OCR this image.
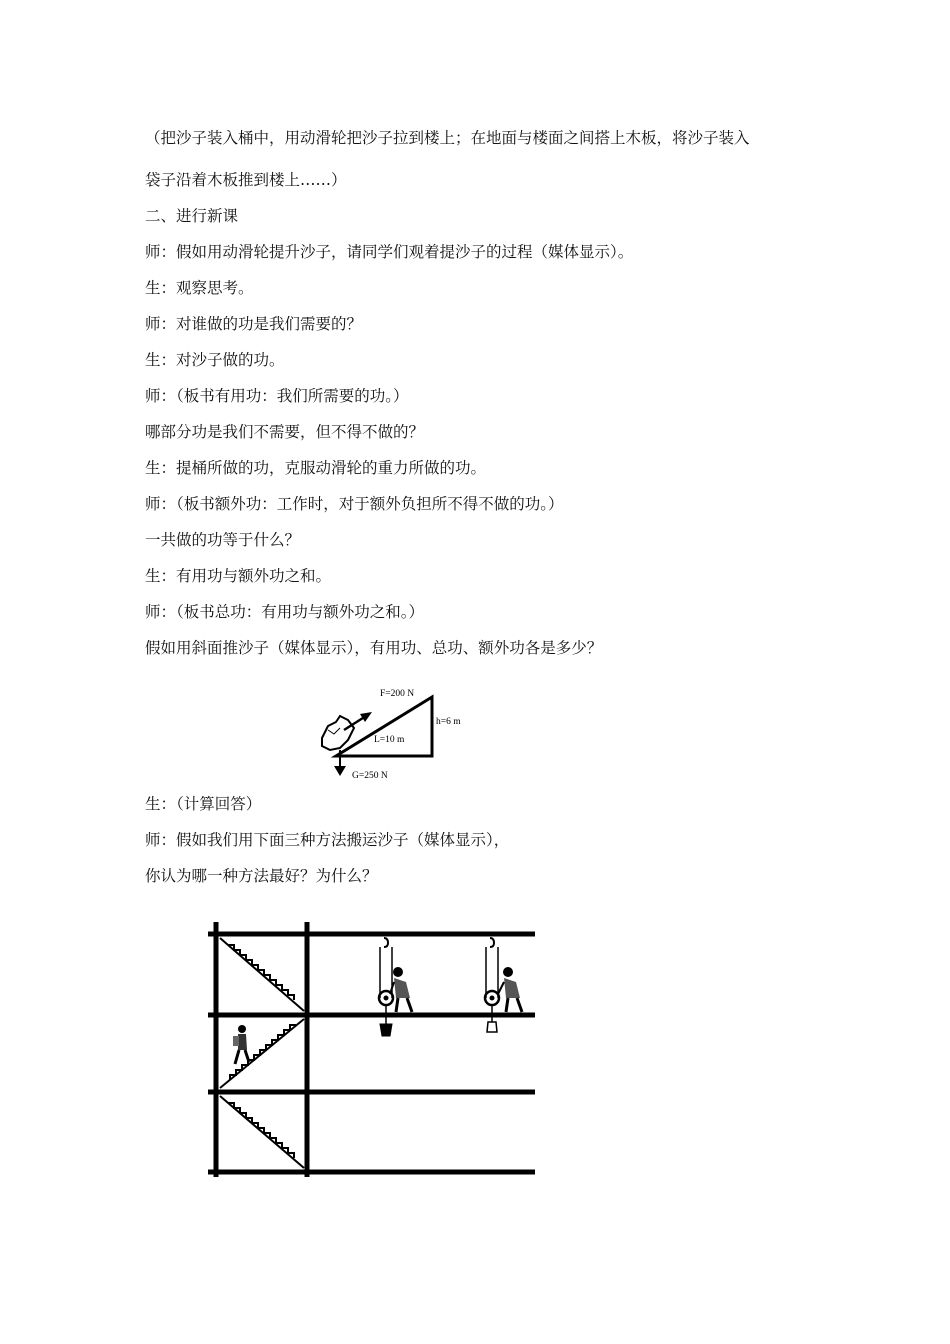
（把沙子装入桶中，用动滑轮把沙子拉到楼上；在地面与楼面之间搭上木板，将沙子装入
袋子沿着木板推到楼上……）
二、进行新课
师：假如用动滑轮提升沙子，请同学们观着提沙子的过程（媒体显示）。
生：观察思考。
师：对谁做的功是我们需要的？
生：对沙子做的功。
师：（板书有用功：我们所需要的功。）
哪部分功是我们不需要，但不得不做的？
生：提桶所做的功，克服动滑轮的重力所做的功。
师：（板书额外功：工作时，对于额外负担所不得不做的功。）
一共做的功等于什么？
生：有用功与额外功之和。
师：（板书总功：有用功与额外功之和。）
假如用斜面推沙子（媒体显示），有用功、总功、额外功各是多少？
F=200 N
h=6 m
L=10 m
G=250 N
生：（计算回答）
师：假如我们用下面三种方法搬运沙子（媒体显示），
你认为哪一种方法最好？为什么？
